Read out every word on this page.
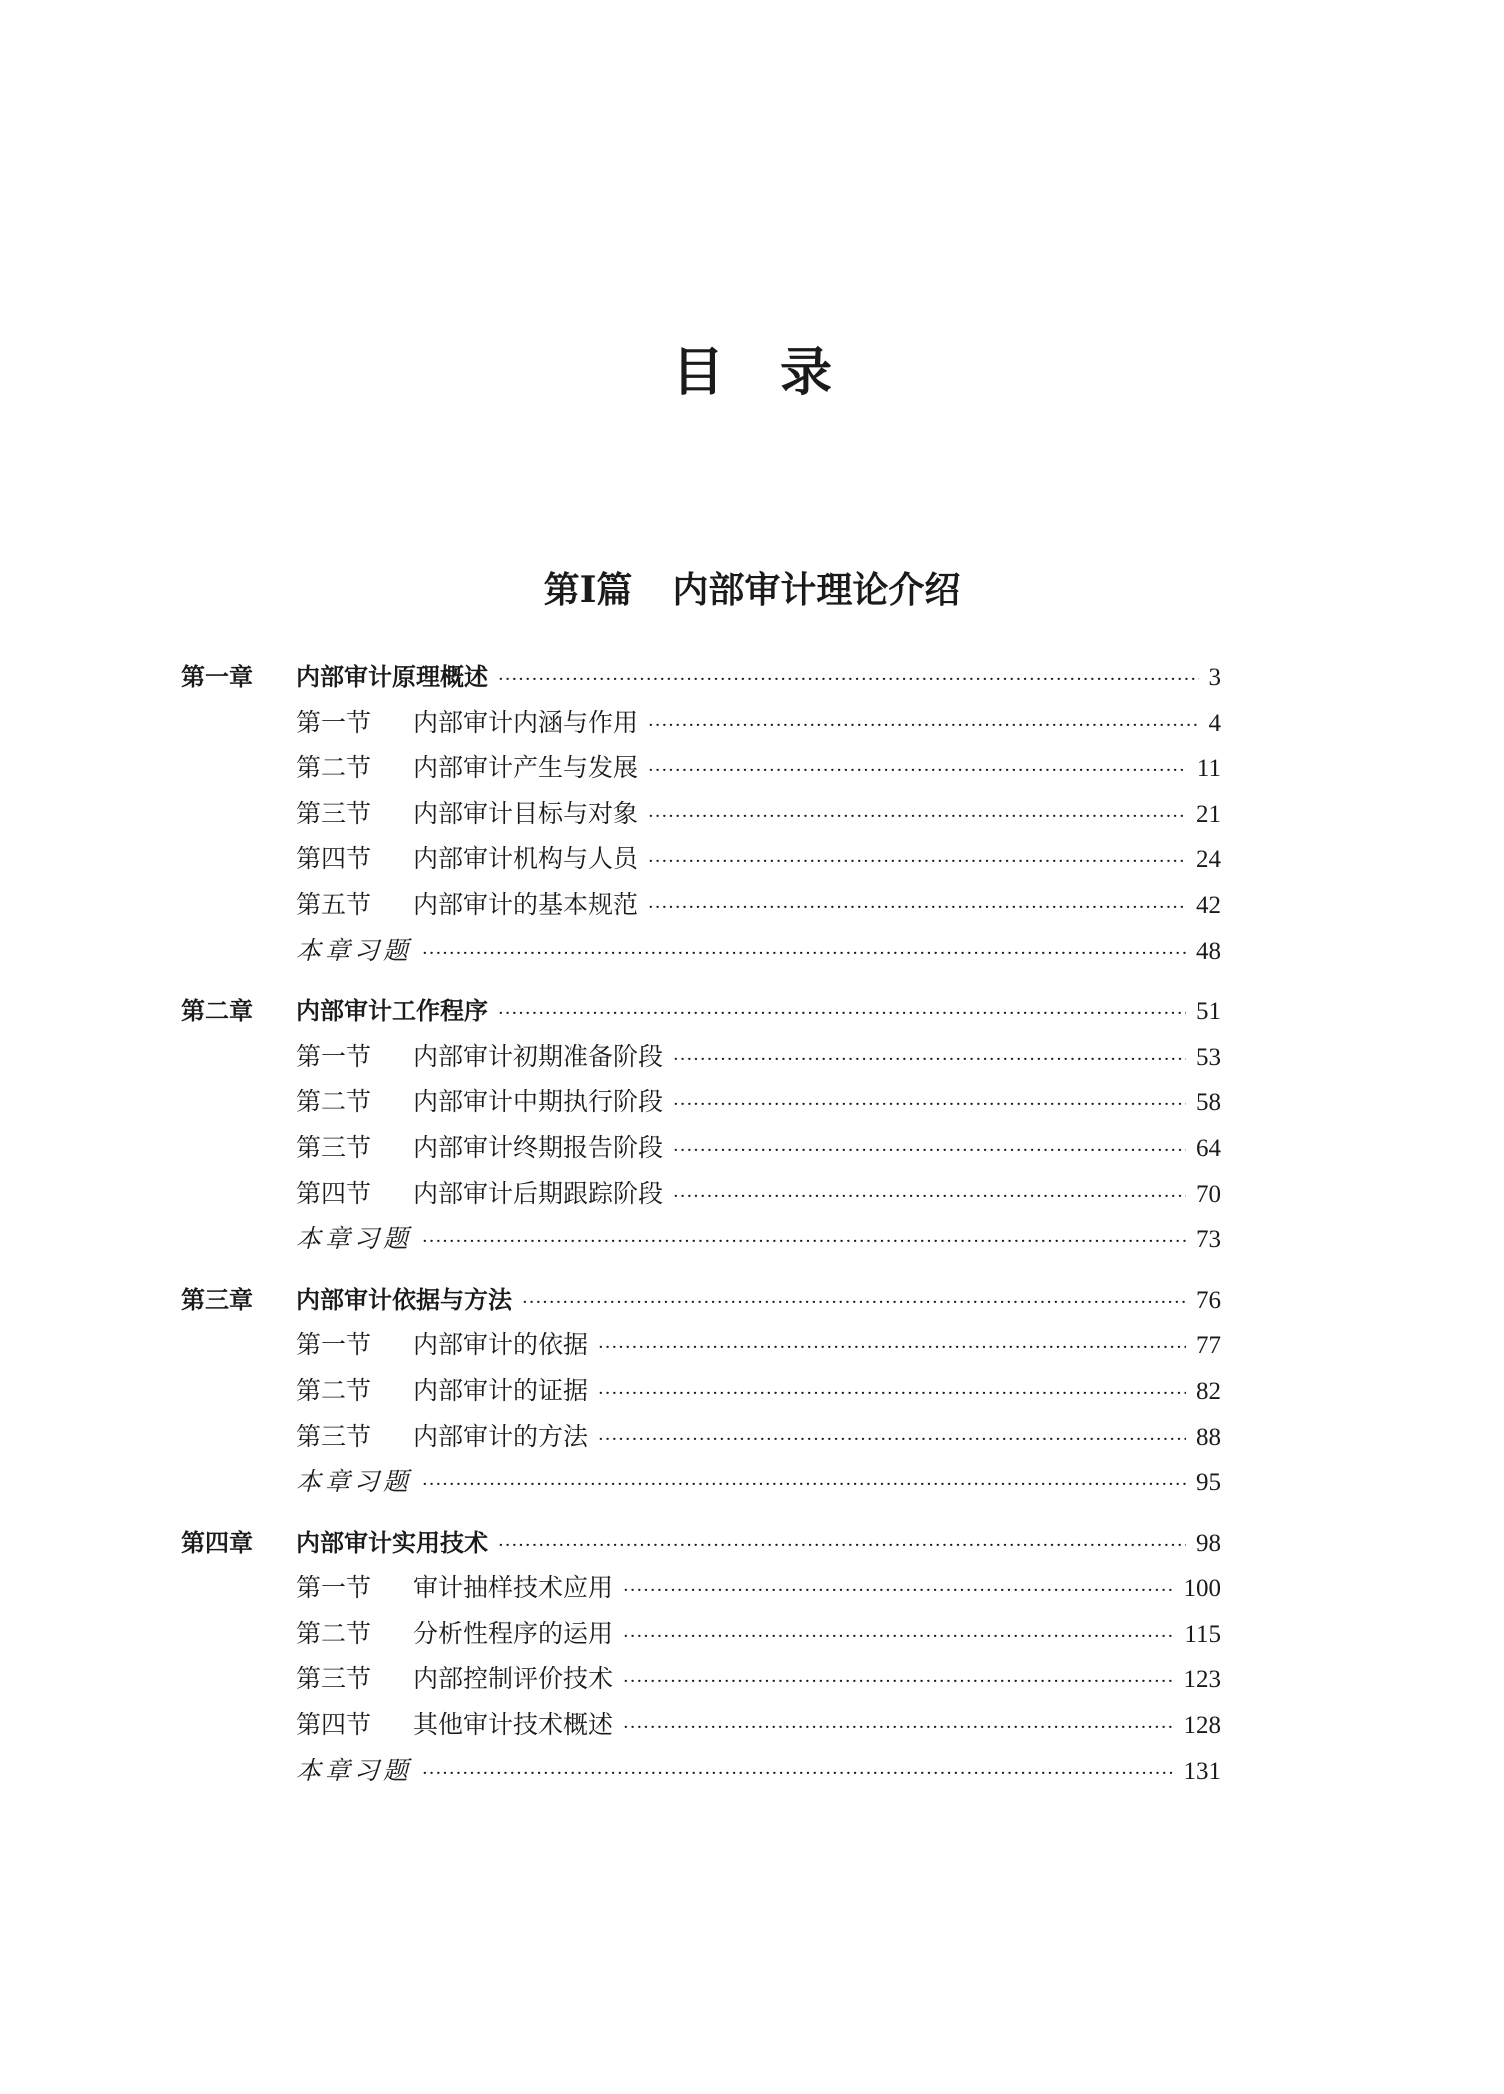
目 录
第Ⅰ篇 内部审计理论介绍
第一章	内部审计原理概述 ·····	3
第一节	内部审计内涵与作用 ·····	4
第二节	内部审计产生与发展 ·····	11
第三节	内部审计目标与对象 ·····	21
第四节	内部审计机构与人员 ·····	24
第五节	内部审计的基本规范 ·····	42
本章习题 ·····	48
第二章	内部审计工作程序 ·····	51
第一节	内部审计初期准备阶段 ·····	53
第二节	内部审计中期执行阶段 ·····	58
第三节	内部审计终期报告阶段 ·····	64
第四节	内部审计后期跟踪阶段 ·····	70
本章习题 ·····	73
第三章	内部审计依据与方法 ·····	76
第一节	内部审计的依据 ·····	77
第二节	内部审计的证据 ·····	82
第三节	内部审计的方法 ·····	88
本章习题 ·····	95
第四章	内部审计实用技术 ·····	98
第一节	审计抽样技术应用 ·····	100
第二节	分析性程序的运用 ·····	115
第三节	内部控制评价技术 ·····	123
第四节	其他审计技术概述 ·····	128
本章习题 ·····	131
